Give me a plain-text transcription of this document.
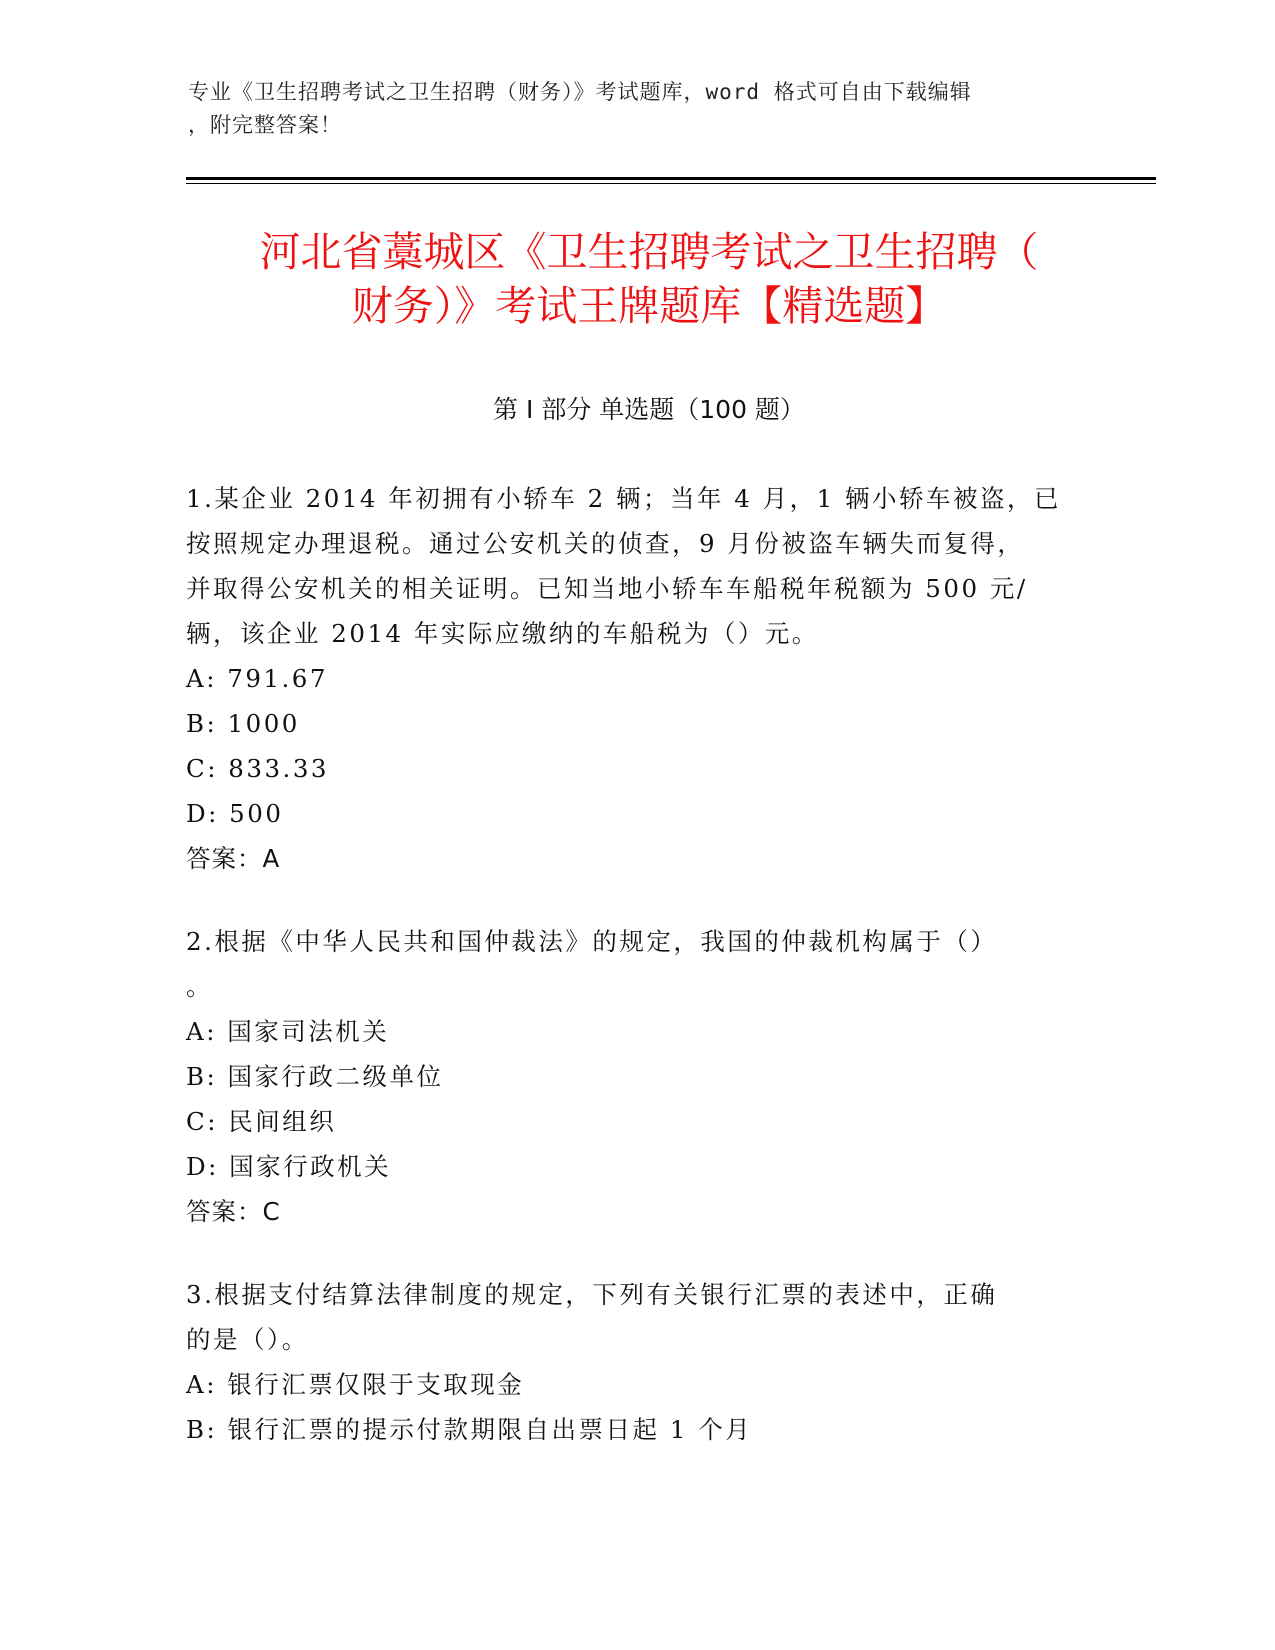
专业《卫生招聘考试之卫生招聘（财务）》考试题库，word 格式可自由下载编辑
，附完整答案！
河北省藁城区《卫生招聘考试之卫生招聘（
财务）》考试王牌题库【精选题】
第 I 部分 单选题（100 题）
1.某企业 2014 年初拥有小轿车 2 辆；当年 4 月，1 辆小轿车被盗，已
按照规定办理退税。通过公安机关的侦查，9 月份被盗车辆失而复得，
并取得公安机关的相关证明。已知当地小轿车车船税年税额为 500 元/
辆，该企业 2014 年实际应缴纳的车船税为（）元。
A: 791.67
B: 1000
C: 833.33
D: 500
答案：A
2.根据《中华人民共和国仲裁法》的规定，我国的仲裁机构属于（）
。
A: 国家司法机关
B: 国家行政二级单位
C: 民间组织
D: 国家行政机关
答案：C
3.根据支付结算法律制度的规定，下列有关银行汇票的表述中，正确
的是（）。
A: 银行汇票仅限于支取现金
B: 银行汇票的提示付款期限自出票日起 1 个月
